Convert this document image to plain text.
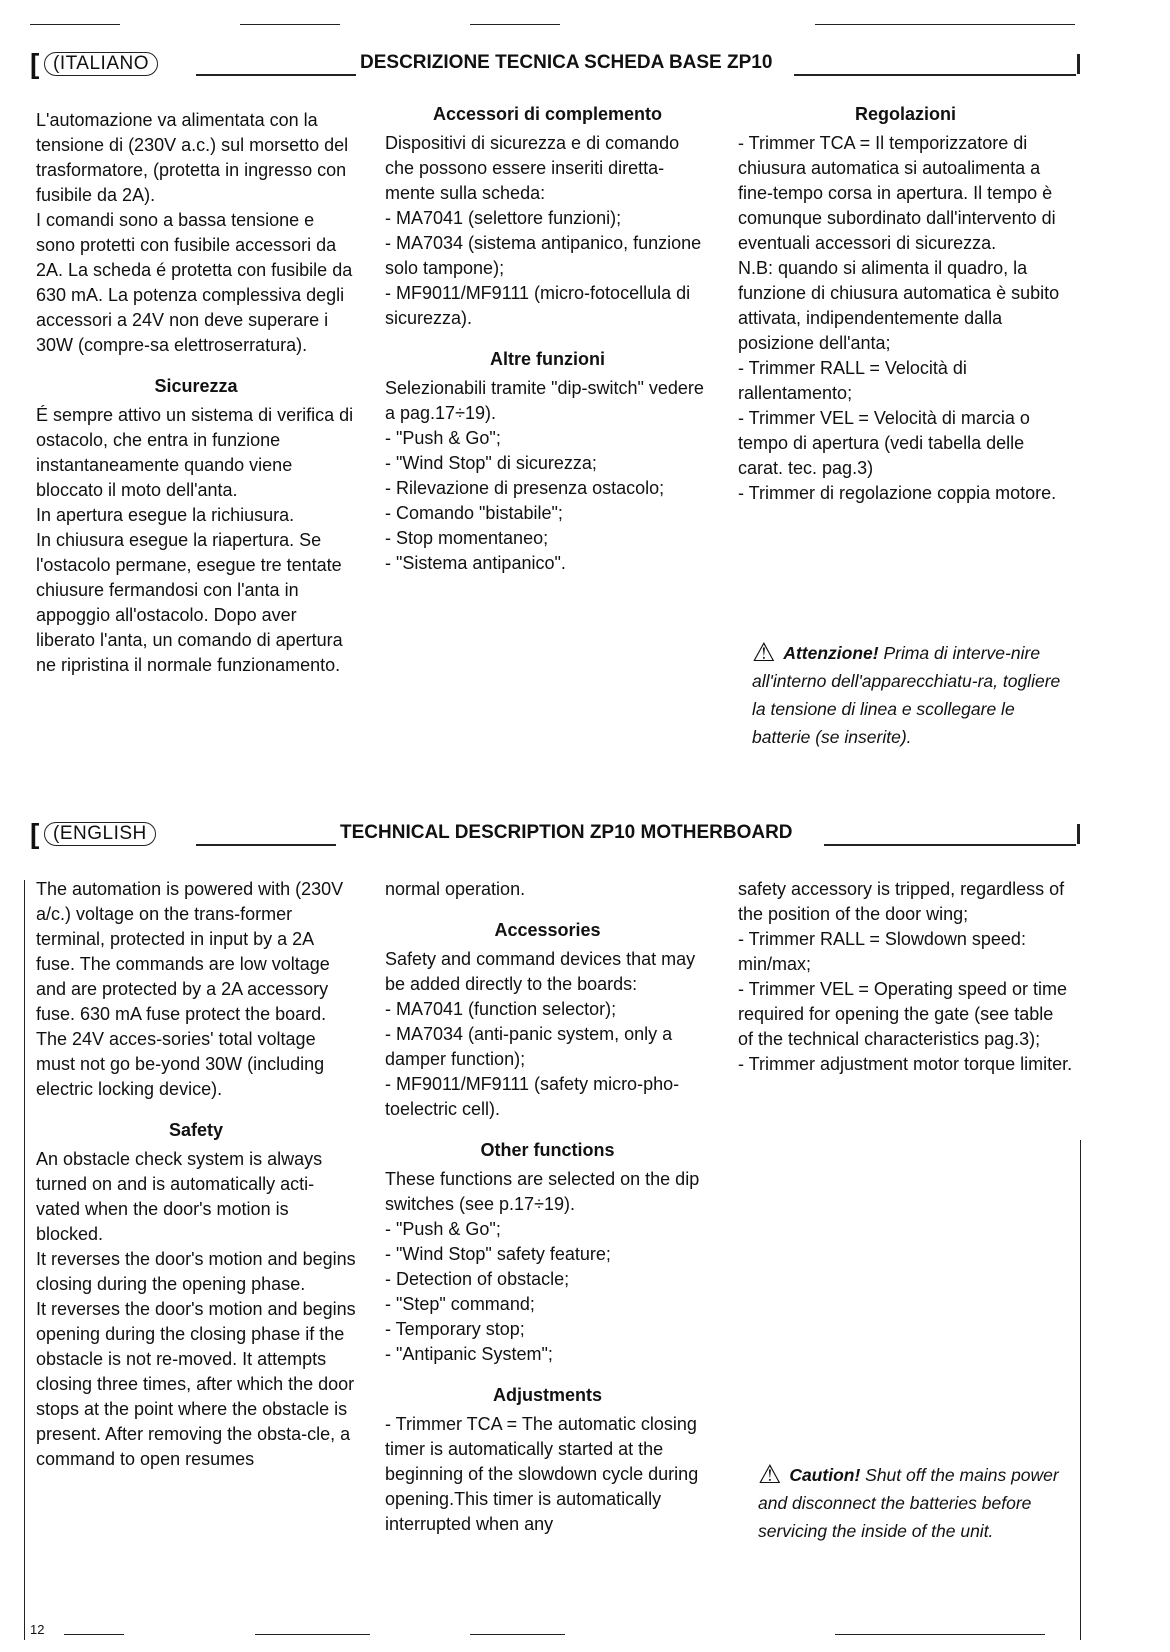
[ (ITALIANO	DESCRIZIONE TECNICA SCHEDA BASE ZP10

L'automazione va alimentata con la tensione di (230V a.c.) sul morsetto del trasformatore, (protetta in ingresso con fusibile da 2A).

I comandi sono a bassa tensione e sono protetti con fusibile accessori da 2A. La scheda é protetta con fusibile da 630 mA. La potenza complessiva degli accessori a 24V non deve superare i 30W (compre-sa elettroserratura).

Sicurezza

É sempre attivo un sistema di verifica di ostacolo, che entra in funzione instantaneamente quando viene bloccato il moto dell'anta.

In apertura esegue la richiusura.

In chiusura esegue la riapertura. Se l'ostacolo permane, esegue tre tentate chiusure fermandosi con l'anta in appoggio all'ostacolo. Dopo aver liberato l'anta, un comando di apertura ne ripristina il normale funzionamento.

Accessori di complemento

Dispositivi di sicurezza e di comando che possono essere inseriti diretta-mente sulla scheda:

- MA7041 (selettore funzioni);

- MA7034 (sistema antipanico, funzione solo tampone);

- MF9011/MF9111 (micro-fotocellula di sicurezza).

Altre funzioni

Selezionabili tramite "dip-switch" vedere a pag.17÷19).

- "Push & Go";

- "Wind Stop" di sicurezza;

- Rilevazione di presenza ostacolo;

- Comando "bistabile";

- Stop momentaneo;

- "Sistema antipanico".

Regolazioni

- Trimmer TCA = Il temporizzatore di chiusura automatica si autoalimenta a fine-tempo corsa in apertura. Il tempo è comunque subordinato dall'intervento di eventuali accessori di sicurezza.

N.B: quando si alimenta il quadro, la funzione di chiusura automatica è subito attivata, indipendentemente dalla posizione dell'anta;

- Trimmer RALL = Velocità di rallentamento;

- Trimmer VEL = Velocità di marcia o tempo di apertura (vedi tabella delle carat. tec. pag.3)

- Trimmer di regolazione coppia motore.

⚠ Attenzione! Prima di interve-nire all'interno dell'apparecchiatu-ra, togliere la tensione di linea e scollegare le batterie (se inserite).
[ (ENGLISH	TECHNICAL DESCRIPTION ZP10 MOTHERBOARD

The automation is powered with (230V a/c.) voltage on the trans-former terminal, protected in input by a 2A fuse. The commands are low voltage and are protected by a 2A accessory fuse. 630 mA fuse protect the board. The 24V acces-sories' total voltage must not go be-yond 30W (including electric locking device).

Safety

An obstacle check system is always turned on and is automatically acti-vated when the door's motion is blocked.

It reverses the door's motion and begins closing during the opening phase.

It reverses the door's motion and begins opening during the closing phase if the obstacle is not re-moved. It attempts closing three times, after which the door stops at the point where the obstacle is present. After removing the obsta-cle, a command to open resumes

normal operation.

Accessories

Safety and command devices that may be added directly to the boards:

- MA7041 (function selector);

- MA7034 (anti-panic system, only a damper function);

- MF9011/MF9111 (safety micro-pho-toelectric cell).

Other functions

These functions are selected on the dip switches (see p.17÷19).

- "Push & Go";

- "Wind Stop" safety feature;

- Detection of obstacle;

- "Step" command;

- Temporary stop;

- "Antipanic System";

Adjustments

- Trimmer TCA = The automatic closing timer is automatically started at the beginning of the slowdown cycle during opening.This timer is automatically interrupted when any

safety accessory is tripped, regardless of the position of the door wing;

- Trimmer RALL = Slowdown speed: min/max;

- Trimmer VEL = Operating speed or time required for opening the gate (see table of the technical characteristics pag.3);

- Trimmer adjustment motor torque limiter.

⚠ Caution! Shut off the mains power and disconnect the batteries before servicing the inside of the unit.
12
